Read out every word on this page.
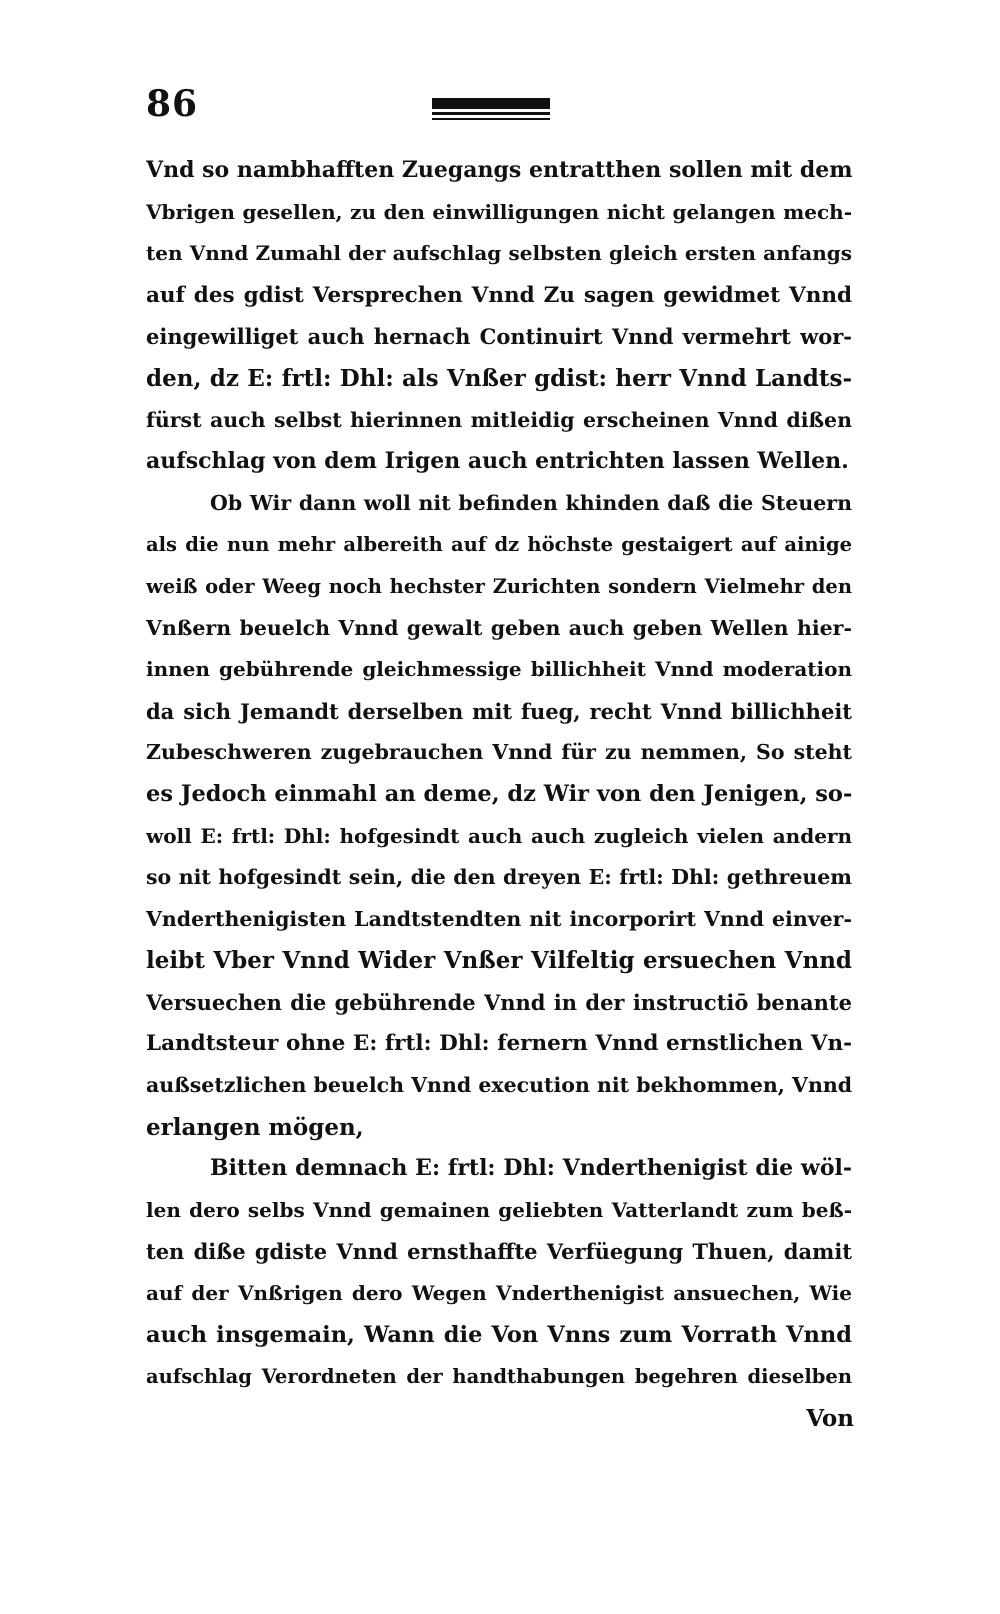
86
Vnd so nambhafften Zuegangs entratthen sollen mit dem
Vbrigen gesellen, zu den einwilligungen nicht gelangen mech-
ten Vnnd Zumahl der aufschlag selbsten gleich ersten anfangs
auf des gdist Versprechen Vnnd Zu sagen gewidmet Vnnd
eingewilliget auch hernach Continuirt Vnnd vermehrt wor-
den, dz E: frtl: Dhl: als Vnßer gdist: herr Vnnd Landts-
fürst auch selbst hierinnen mitleidig erscheinen Vnnd dißen
aufschlag von dem Irigen auch entrichten lassen Wellen.
Ob Wir dann woll nit befinden khinden daß die Steuern
als die nun mehr albereith auf dz höchste gestaigert auf ainige
weiß oder Weeg noch hechster Zurichten sondern Vielmehr den
Vnßern beuelch Vnnd gewalt geben auch geben Wellen hier-
innen gebührende gleichmessige billichheit Vnnd moderation
da sich Jemandt derselben mit fueg, recht Vnnd billichheit
Zubeschweren zugebrauchen Vnnd für zu nemmen, So steht
es Jedoch einmahl an deme, dz Wir von den Jenigen, so-
woll E: frtl: Dhl: hofgesindt auch auch zugleich vielen andern
so nit hofgesindt sein, die den dreyen E: frtl: Dhl: gethreuem
Vnderthenigisten Landtstendten nit incorporirt Vnnd einver-
leibt Vber Vnnd Wider Vnßer Vilfeltig ersuechen Vnnd
Versuechen die gebührende Vnnd in der instructiō benante
Landtsteur ohne E: frtl: Dhl: fernern Vnnd ernstlichen Vn-
außsetzlichen beuelch Vnnd execution nit bekhommen, Vnnd
erlangen mögen,
Bitten demnach E: frtl: Dhl: Vnderthenigist die wöl-
len dero selbs Vnnd gemainen geliebten Vatterlandt zum beß-
ten diße gdiste Vnnd ernsthaffte Verfüegung Thuen, damit
auf der Vnßrigen dero Wegen Vnderthenigist ansuechen, Wie
auch insgemain, Wann die Von Vnns zum Vorrath Vnnd
aufschlag Verordneten der handthabungen begehren dieselben
Von
